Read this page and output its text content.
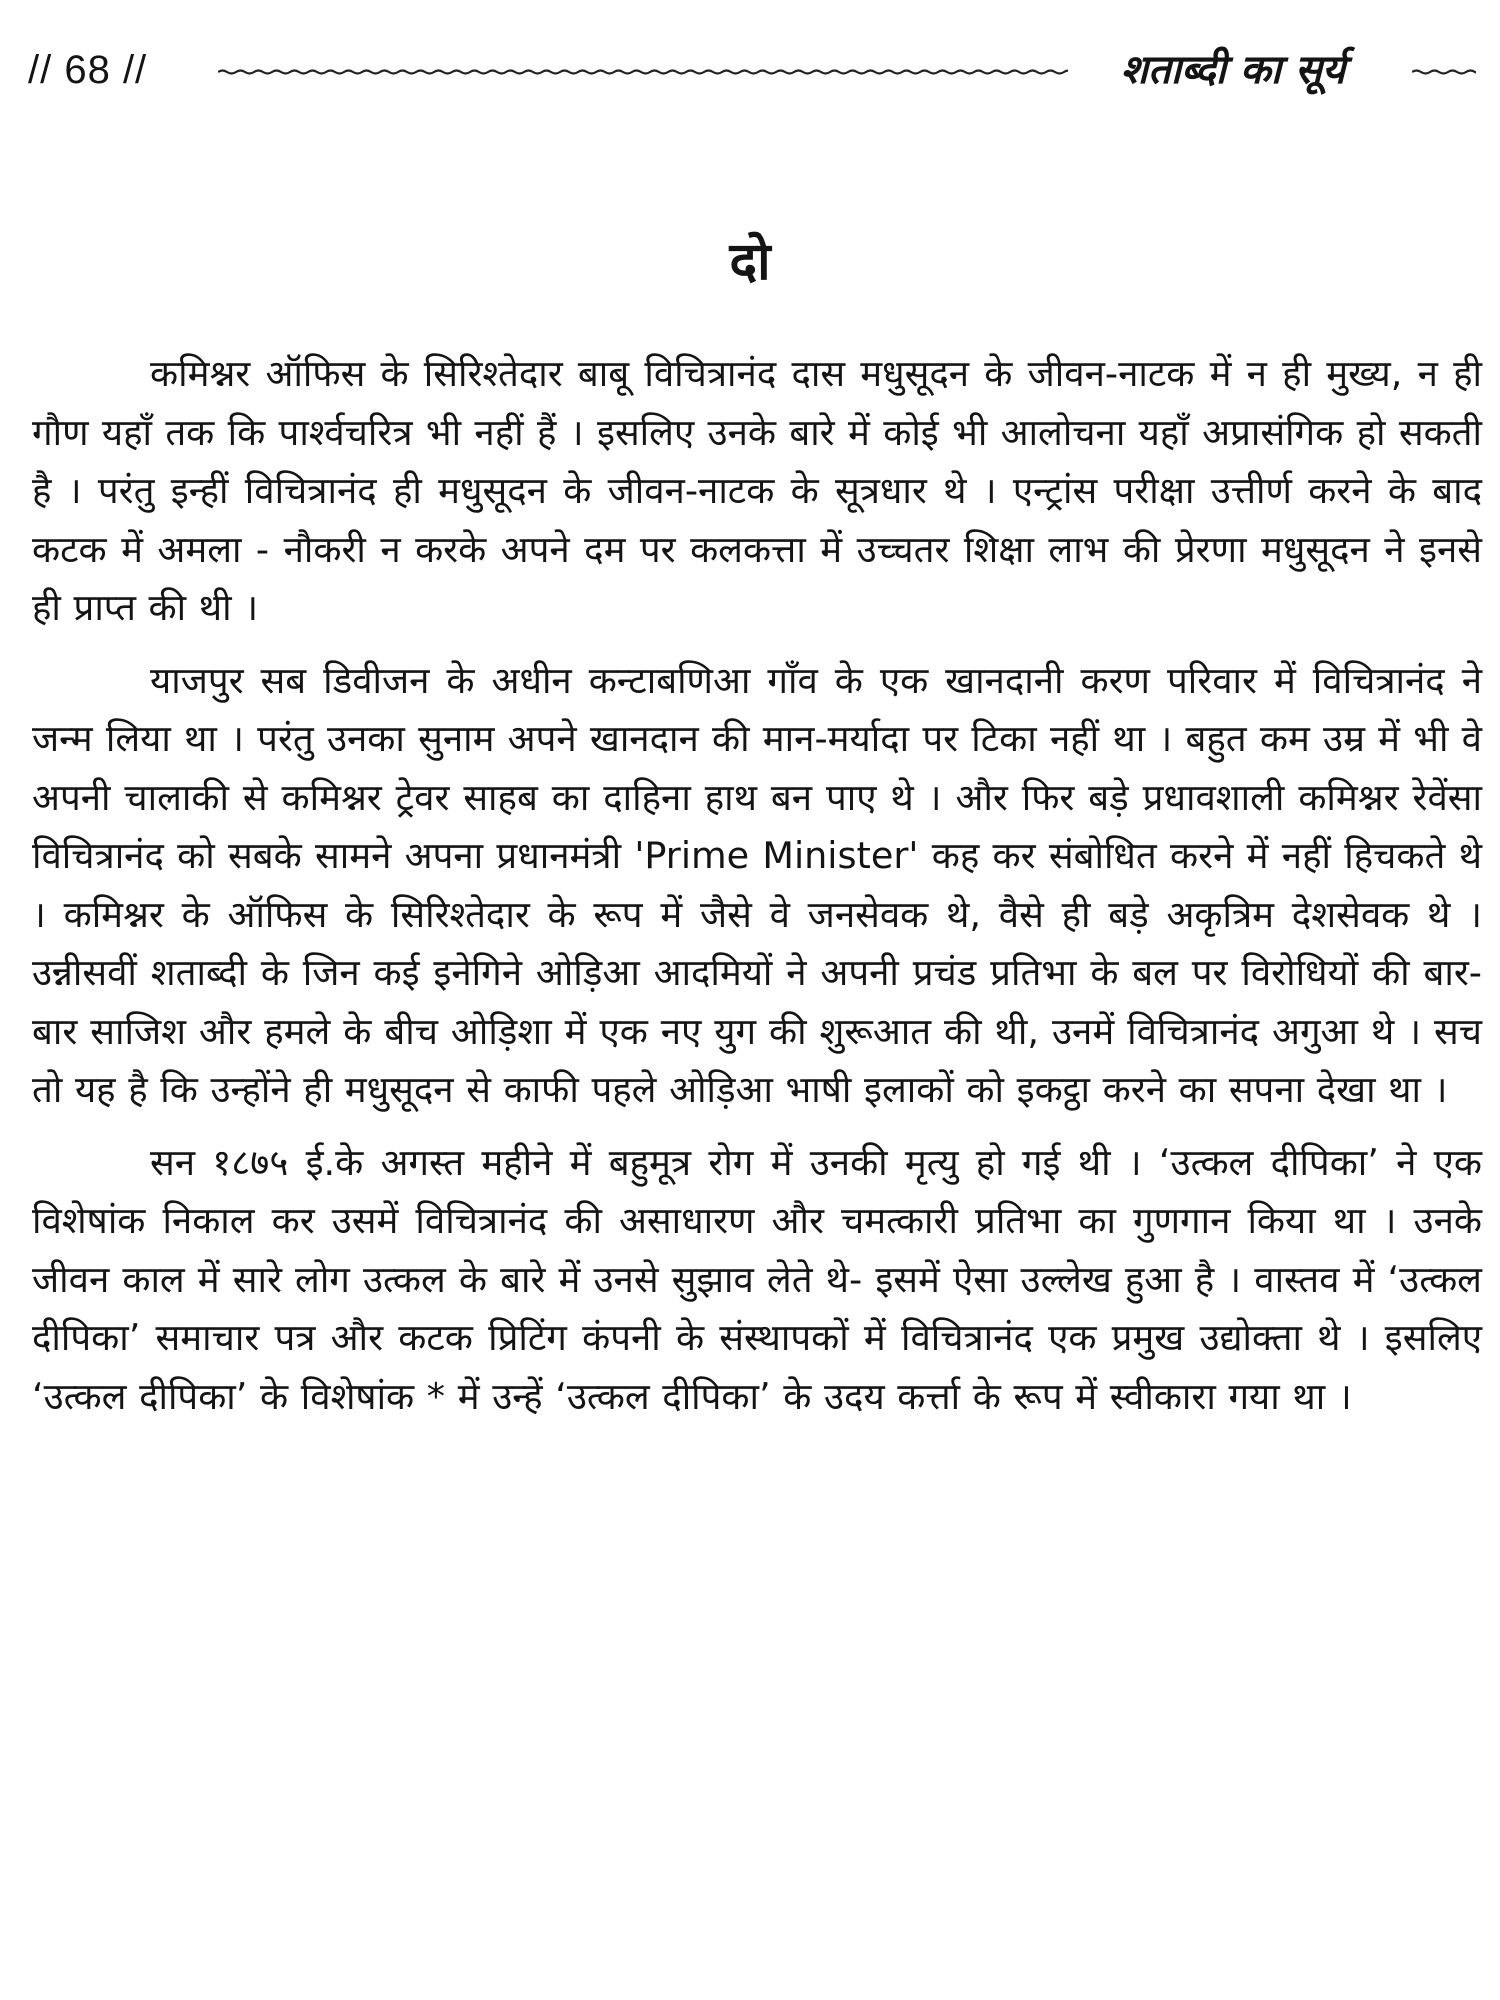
// 68 //	शताब्दी का सूर्य
दो

कमिश्नर ऑफिस के सिरिश्तेदार बाबू विचित्रानंद दास मधुसूदन के जीवन-नाटक में न ही मुख्य, न ही गौण यहाँ तक कि पार्श्वचरित्र भी नहीं हैं । इसलिए उनके बारे में कोई भी आलोचना यहाँ अप्रासंगिक हो सकती है । परंतु इन्हीं विचित्रानंद ही मधुसूदन के जीवन-नाटक के सूत्रधार थे । एन्ट्रांस परीक्षा उत्तीर्ण करने के बाद कटक में अमला - नौकरी न करके अपने दम पर कलकत्ता में उच्चतर शिक्षा लाभ की प्रेरणा मधुसूदन ने इनसे ही प्राप्त की थी ।

याजपुर सब डिवीजन के अधीन कन्टाबणिआ गाँव के एक खानदानी करण परिवार में विचित्रानंद ने जन्म लिया था । परंतु उनका सुनाम अपने खानदान की मान-मर्यादा पर टिका नहीं था । बहुत कम उम्र में भी वे अपनी चालाकी से कमिश्नर ट्रेवर साहब का दाहिना हाथ बन पाए थे । और फिर बड़े प्रधावशाली कमिश्नर रेवेंसा विचित्रानंद को सबके सामने अपना प्रधानमंत्री 'Prime Minister' कह कर संबोधित करने में नहीं हिचकते थे । कमिश्नर के ऑफिस के सिरिश्तेदार के रूप में जैसे वे जनसेवक थे, वैसे ही बड़े अकृत्रिम देशसेवक थे । उन्नीसवीं शताब्दी के जिन कई इनेगिने ओड़िआ आदमियों ने अपनी प्रचंड प्रतिभा के बल पर विरोधियों की बार-बार साजिश और हमले के बीच ओड़िशा में एक नए युग की शुरूआत की थी, उनमें विचित्रानंद अगुआ थे । सच तो यह है कि उन्होंने ही मधुसूदन से काफी पहले ओड़िआ भाषी इलाकों को इकट्ठा करने का सपना देखा था ।

सन १८७५ ई.के अगस्त महीने में बहुमूत्र रोग में उनकी मृत्यु हो गई थी । ‘उत्कल दीपिका’ ने एक विशेषांक निकाल कर उसमें विचित्रानंद की असाधारण और चमत्कारी प्रतिभा का गुणगान किया था । उनके जीवन काल में सारे लोग उत्कल के बारे में उनसे सुझाव लेते थे- इसमें ऐसा उल्लेख हुआ है । वास्तव में ‘उत्कल दीपिका’ समाचार पत्र और कटक प्रिटिंग कंपनी के संस्थापकों में विचित्रानंद एक प्रमुख उद्योक्ता थे । इसलिए ‘उत्कल दीपिका’ के विशेषांक * में उन्हें ‘उत्कल दीपिका’ के उदय कर्त्ता के रूप में स्वीकारा गया था ।
